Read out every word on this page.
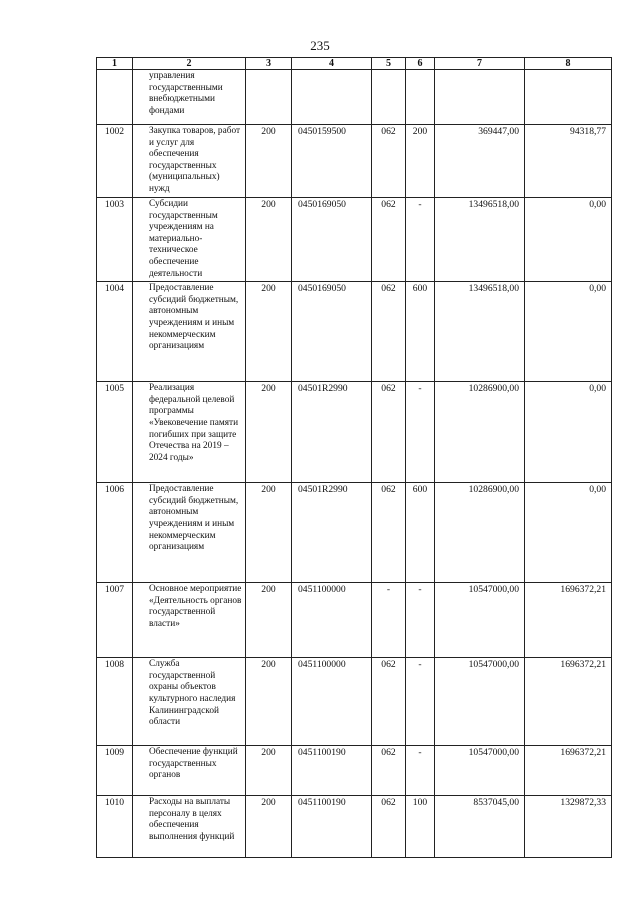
235
1	2	3	4	5	6	7	8
	управления государственными внебюджетными фондами						
1002	Закупка товаров, работ и услуг для обеспечения государственных (муниципальных) нужд	200	0450159500	062	200	369447,00	94318,77
1003	Субсидии государственным учреждениям на материально-техническое обеспечение деятельности	200	0450169050	062	-	13496518,00	0,00
1004	Предоставление субсидий бюджетным, автономным учреждениям и иным некоммерческим организациям	200	0450169050	062	600	13496518,00	0,00
1005	Реализация федеральной целевой программы «Увековечение памяти погибших при защите Отечества на 2019 – 2024 годы»	200	04501R2990	062	-	10286900,00	0,00
1006	Предоставление субсидий бюджетным, автономным учреждениям и иным некоммерческим организациям	200	04501R2990	062	600	10286900,00	0,00
1007	Основное мероприятие «Деятельность органов государственной власти»	200	0451100000	-	-	10547000,00	1696372,21
1008	Служба государственной охраны объектов культурного наследия Калининградской области	200	0451100000	062	-	10547000,00	1696372,21
1009	Обеспечение функций государственных органов	200	0451100190	062	-	10547000,00	1696372,21
1010	Расходы на выплаты персоналу в целях обеспечения выполнения функций	200	0451100190	062	100	8537045,00	1329872,33
